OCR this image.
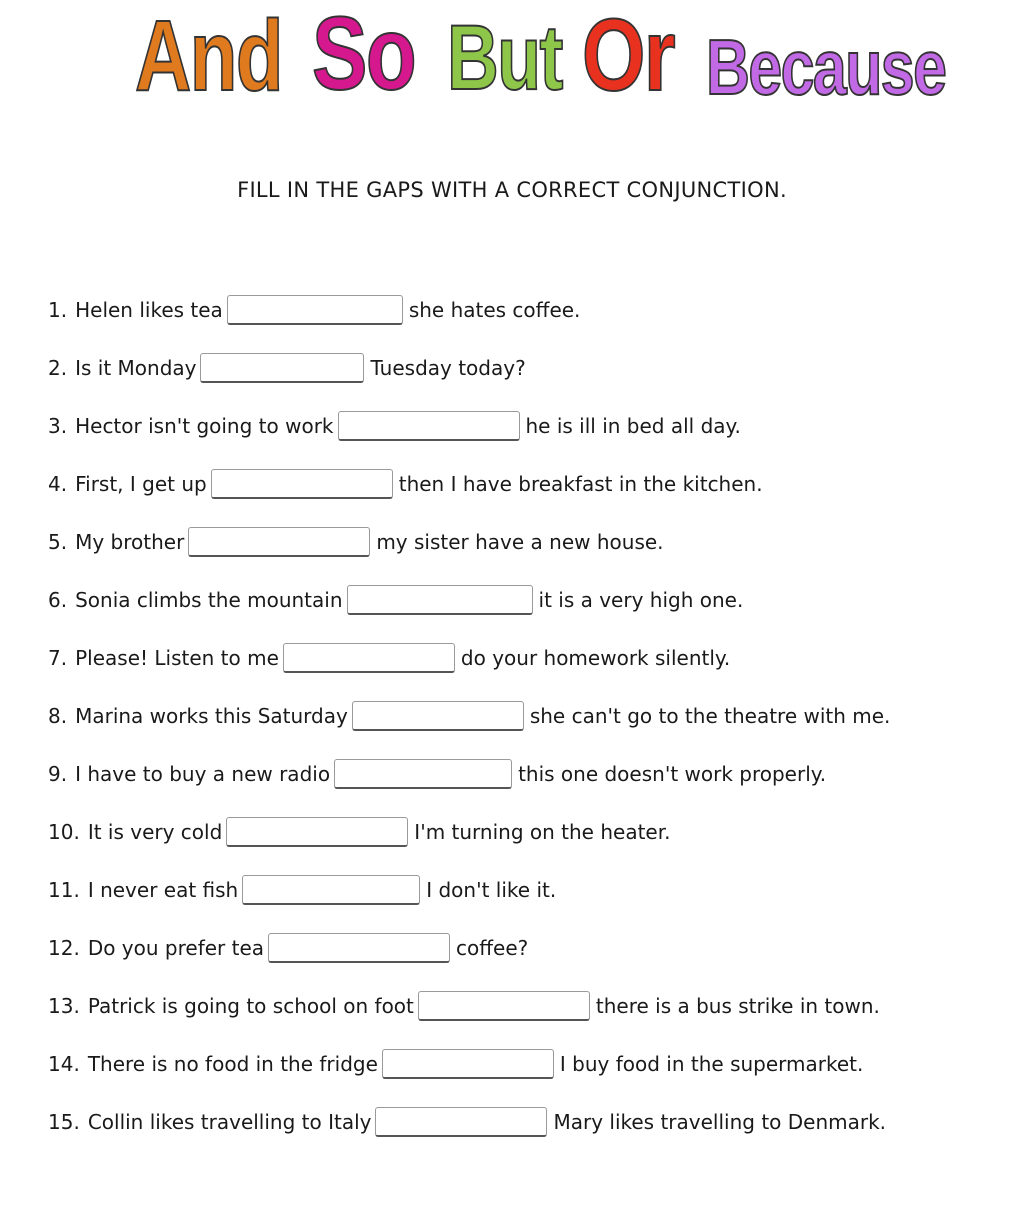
And So But Or Because
FILL IN THE GAPS WITH A CORRECT CONJUNCTION.
1. Helen likes tea	she hates coffee.
2. Is it Monday	Tuesday today?
3. Hector isn't going to work	he is ill in bed all day.
4. First, I get up	then I have breakfast in the kitchen.
5. My brother	my sister have a new house.
6. Sonia climbs the mountain	it is a very high one.
7. Please! Listen to me	do your homework silently.
8. Marina works this Saturday	she can't go to the theatre with me.
9. I have to buy a new radio	this one doesn't work properly.
10. It is very cold	I'm turning on the heater.
11. I never eat fish	I don't like it.
12. Do you prefer tea	coffee?
13. Patrick is going to school on foot	there is a bus strike in town.
14. There is no food in the fridge	I buy food in the supermarket.
15. Collin likes travelling to Italy	Mary likes travelling to Denmark.
